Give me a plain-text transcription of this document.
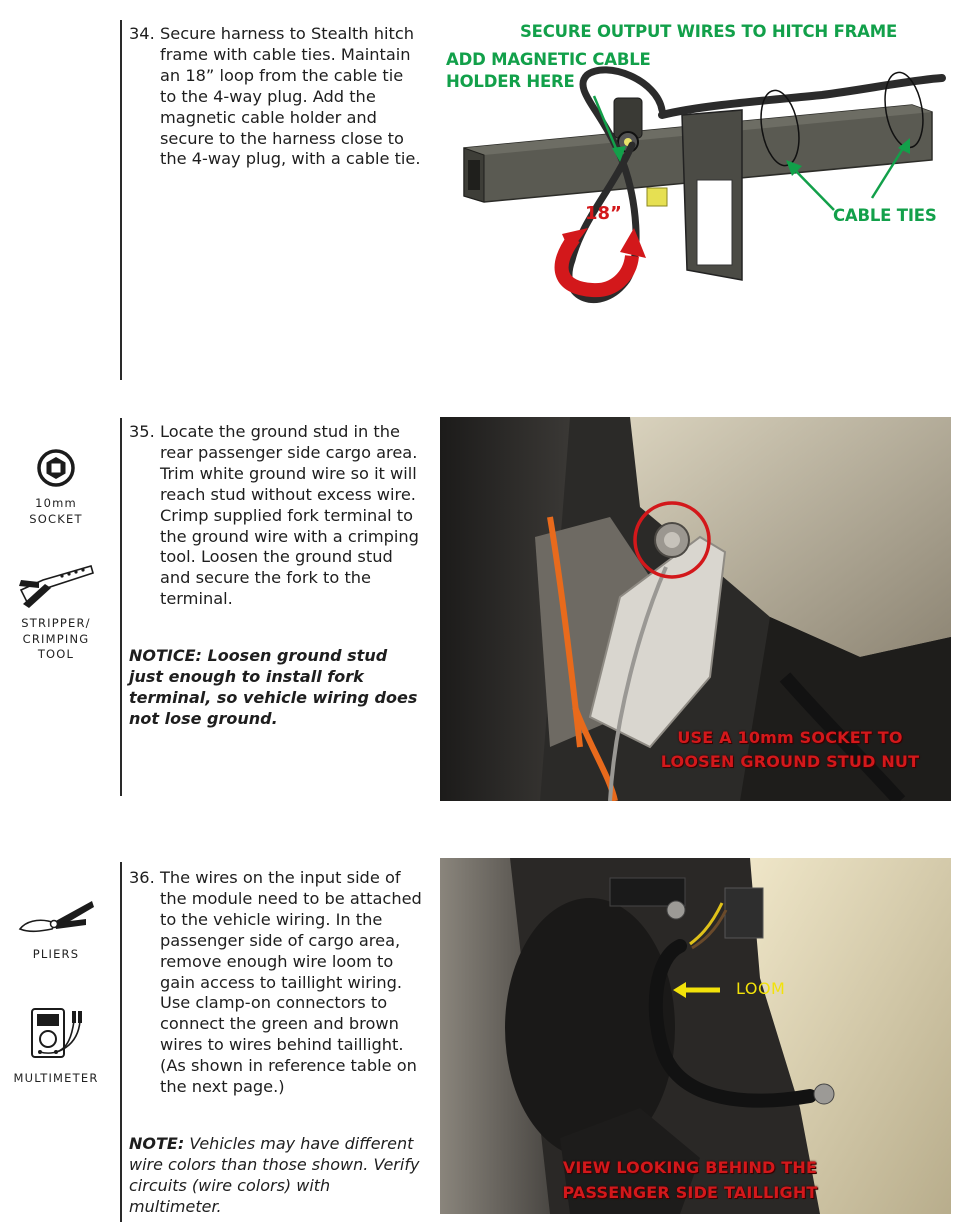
34. Secure harness to Stealth hitch frame with cable ties. Maintain an 18” loop from the cable tie to the 4-way plug. Add the magnetic cable holder and secure to the harness close to the 4-way plug, with a cable tie.
SECURE OUTPUT WIRES TO HITCH FRAME
ADD MAGNETIC CABLE
HOLDER HERE
18”	CABLE TIES
10mm
SOCKET
STRIPPER/
CRIMPING
TOOL
35. Locate the ground stud in the rear passenger side cargo area. Trim white ground wire so it will reach stud without excess wire. Crimp supplied fork terminal to the ground wire with a crimping tool. Loosen the ground stud and secure the fork to the terminal.
NOTICE: Loosen ground stud just enough to install fork terminal, so vehicle wiring does not lose ground.
USE A 10mm SOCKET TO
LOOSEN GROUND STUD NUT
PLIERS
MULTIMETER
36. The wires on the input side of the module need to be attached to the vehicle wiring. In the passenger side of cargo area, remove enough wire loom to gain access to taillight wiring. Use clamp-on connectors to connect the green and brown wires to wires behind taillight. (As shown in reference table on the next page.)
NOTE: Vehicles may have different wire colors than those shown. Verify circuits (wire colors) with multimeter.
LOOM
VIEW LOOKING BEHIND THE
PASSENGER SIDE TAILLIGHT
